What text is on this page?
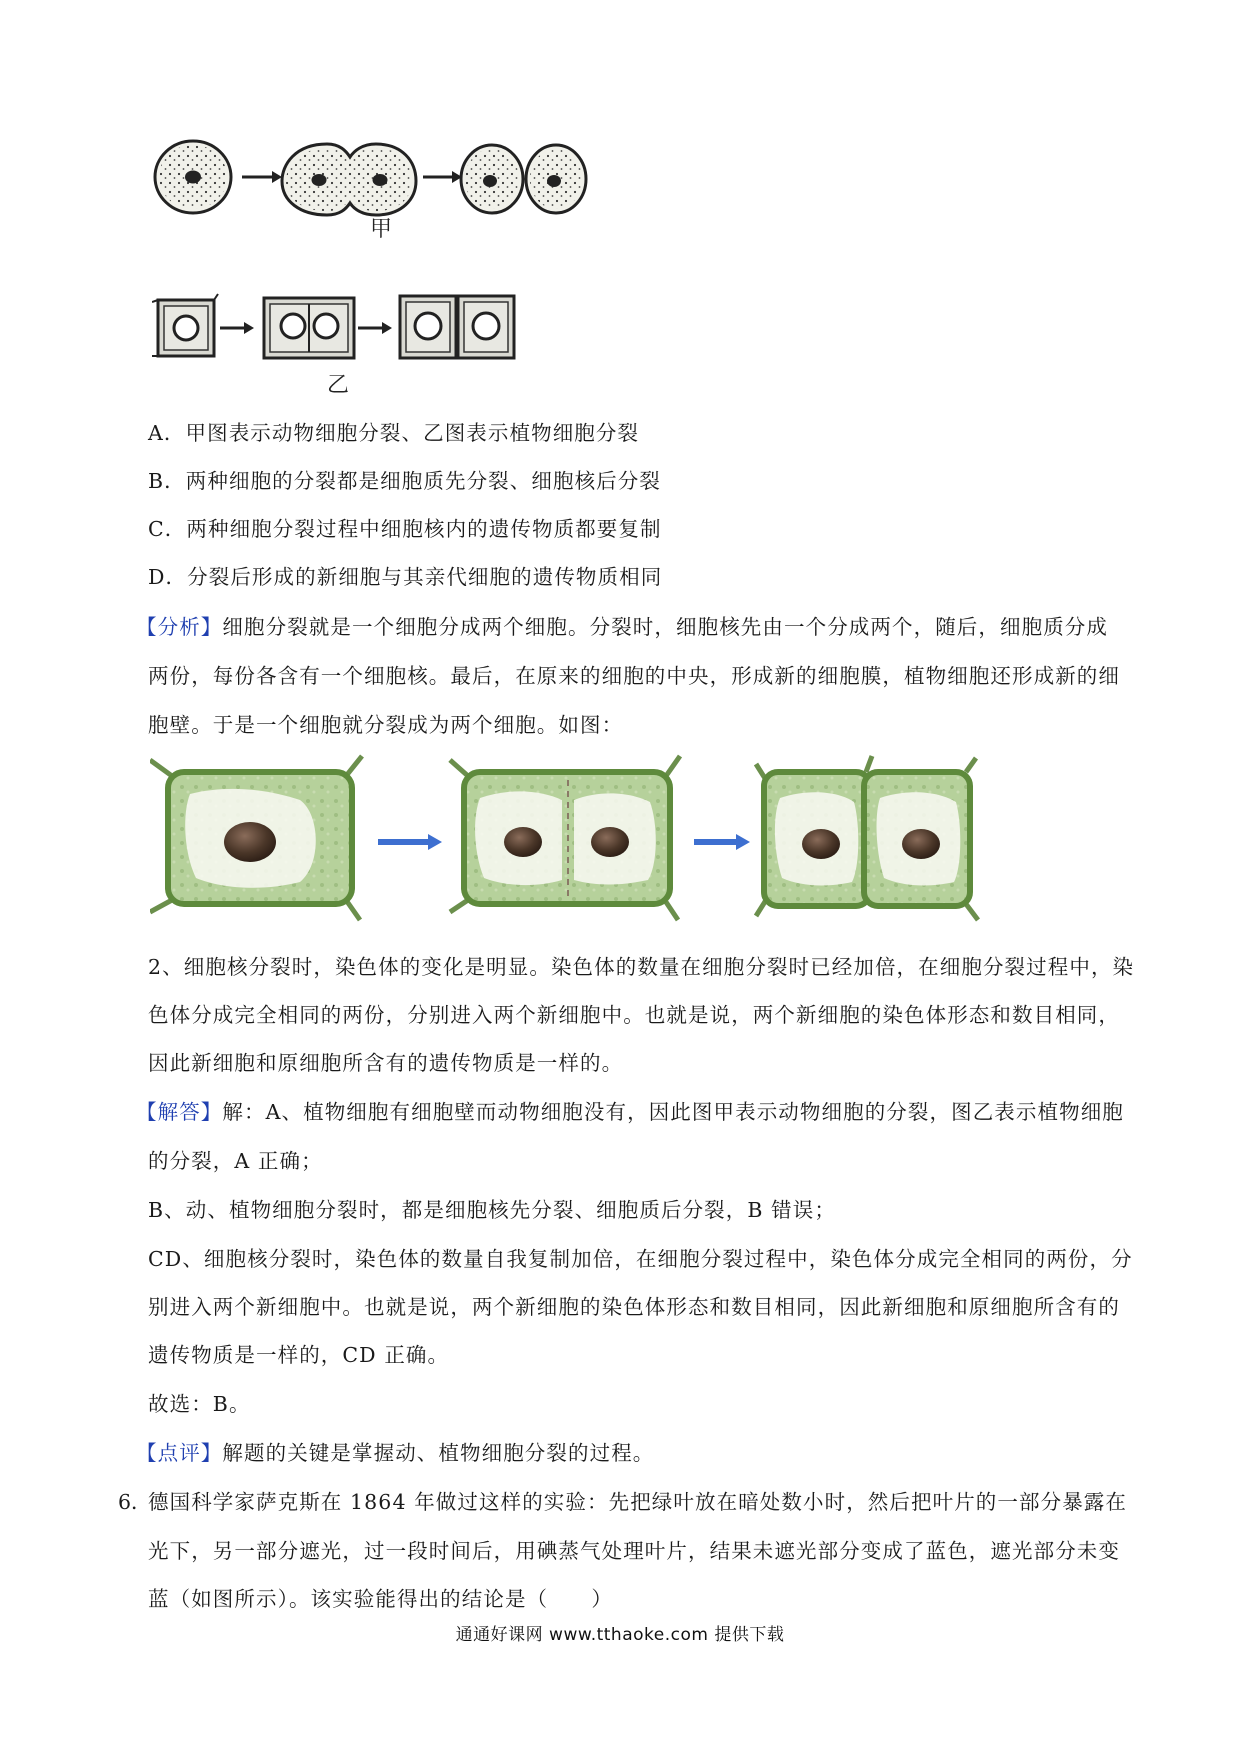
甲
乙
A．甲图表示动物细胞分裂、乙图表示植物细胞分裂
B．两种细胞的分裂都是细胞质先分裂、细胞核后分裂
C．两种细胞分裂过程中细胞核内的遗传物质都要复制
D．分裂后形成的新细胞与其亲代细胞的遗传物质相同
【分析】细胞分裂就是一个细胞分成两个细胞。分裂时，细胞核先由一个分成两个，随后，细胞质分成
两份，每份各含有一个细胞核。最后，在原来的细胞的中央，形成新的细胞膜，植物细胞还形成新的细
胞壁。于是一个细胞就分裂成为两个细胞。如图：
2、细胞核分裂时，染色体的变化是明显。染色体的数量在细胞分裂时已经加倍，在细胞分裂过程中，染
色体分成完全相同的两份，分别进入两个新细胞中。也就是说，两个新细胞的染色体形态和数目相同，
因此新细胞和原细胞所含有的遗传物质是一样的。
【解答】解：A、植物细胞有细胞壁而动物细胞没有，因此图甲表示动物细胞的分裂，图乙表示植物细胞
的分裂，A 正确；
B、动、植物细胞分裂时，都是细胞核先分裂、细胞质后分裂，B 错误；
CD、细胞核分裂时，染色体的数量自我复制加倍，在细胞分裂过程中，染色体分成完全相同的两份，分
别进入两个新细胞中。也就是说，两个新细胞的染色体形态和数目相同，因此新细胞和原细胞所含有的
遗传物质是一样的，CD 正确。
故选：B。
【点评】解题的关键是掌握动、植物细胞分裂的过程。
6．
德国科学家萨克斯在 1864 年做过这样的实验：先把绿叶放在暗处数小时，然后把叶片的一部分暴露在
光下，另一部分遮光，过一段时间后，用碘蒸气处理叶片，结果未遮光部分变成了蓝色，遮光部分未变
蓝（如图所示）。该实验能得出的结论是（　　）
通通好课网 www.tthaoke.com 提供下载
